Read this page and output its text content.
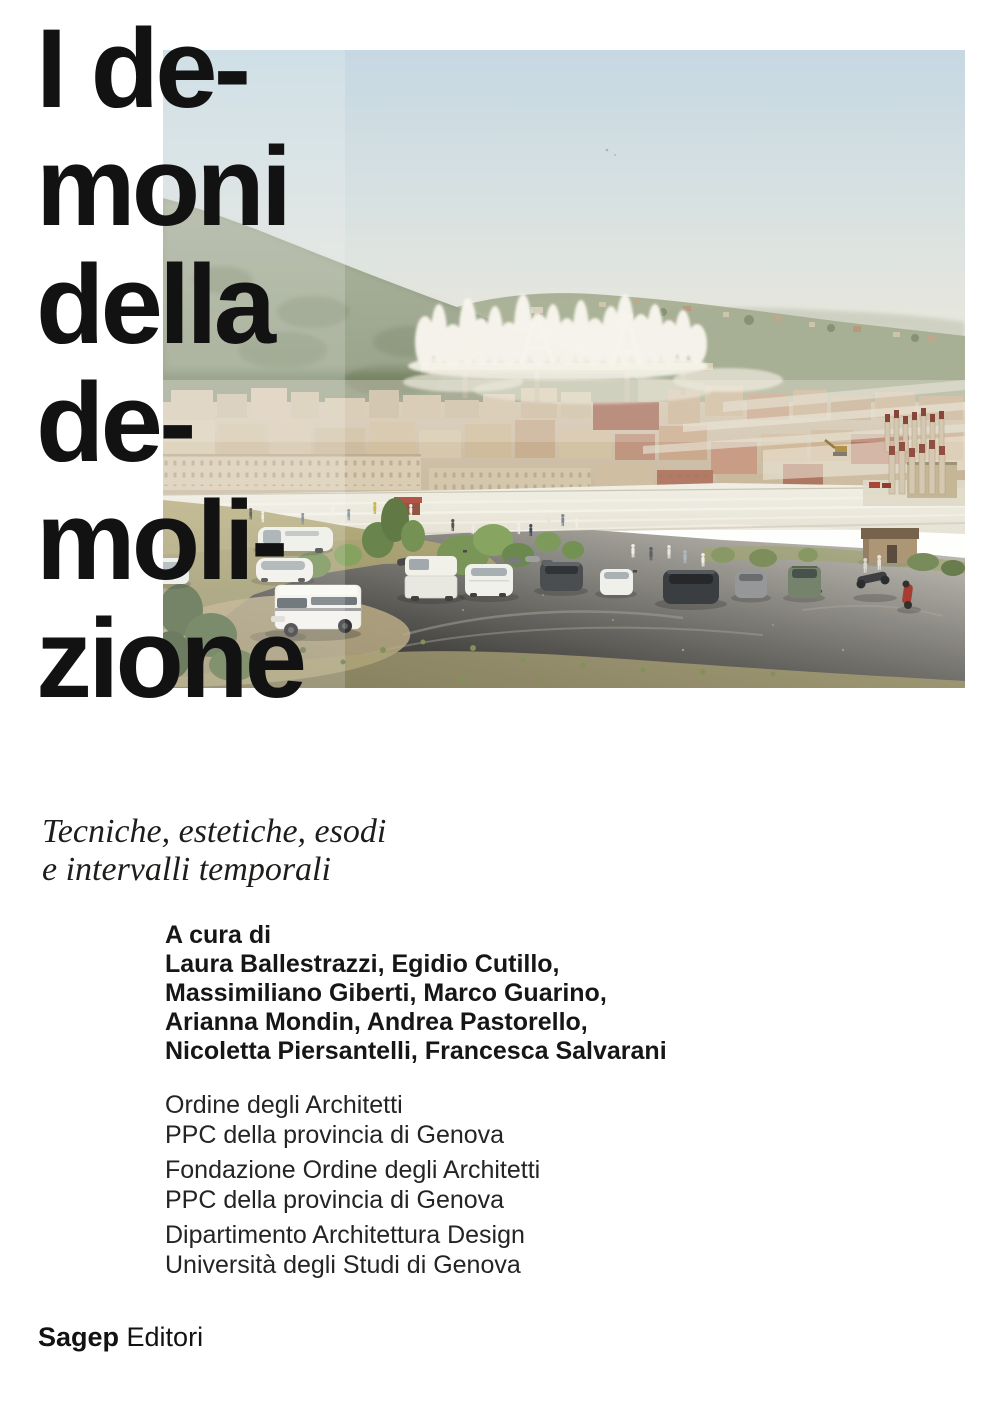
I de-
moni
della
de-
moli-
zione
Tecniche, estetiche, esodi
e intervalli temporali
A cura di
Laura Ballestrazzi, Egidio Cutillo,
Massimiliano Giberti, Marco Guarino,
Arianna Mondin, Andrea Pastorello,
Nicoletta Piersantelli, Francesca Salvarani

Ordine degli Architetti
PPC della provincia di Genova

Fondazione Ordine degli Architetti
PPC della provincia di Genova

Dipartimento Architettura Design
Università degli Studi di Genova

Sagep Editori
